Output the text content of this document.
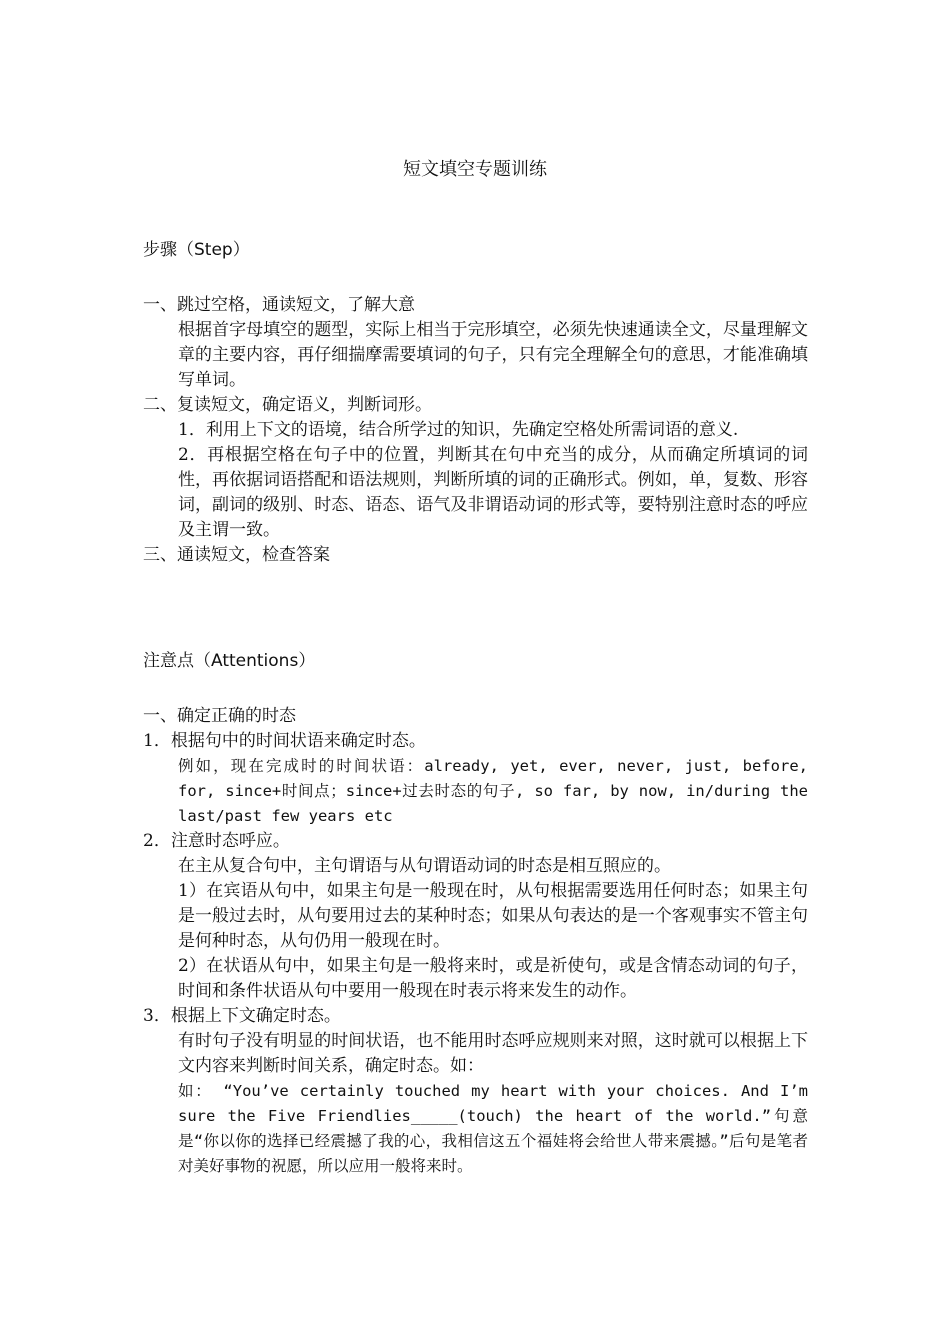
短文填空专题训练
步骤（Step）

一、跳过空格，通读短文，了解大意

根据首字母填空的题型，实际上相当于完形填空，必须先快速通读全文，尽量理解文章的主要内容，再仔细揣摩需要填词的句子，只有完全理解全句的意思，才能准确填写单词。

二、复读短文，确定语义，判断词形。

1．利用上下文的语境，结合所学过的知识，先确定空格处所需词语的意义.

2．再根据空格在句子中的位置，判断其在句中充当的成分，从而确定所填词的词性，再依据词语搭配和语法规则，判断所填的词的正确形式。例如，单，复数、形容词，副词的级别、时态、语态、语气及非谓语动词的形式等，要特别注意时态的呼应及主谓一致。

三、通读短文，检查答案

注意点（Attentions）

一、确定正确的时态

1．根据句中的时间状语来确定时态。

例如，现在完成时的时间状语：already, yet, ever, never, just, before, for, since+时间点；since+过去时态的句子, so far, by now, in/during the last/past few years etc

2．注意时态呼应。

在主从复合句中，主句谓语与从句谓语动词的时态是相互照应的。

1）在宾语从句中，如果主句是一般现在时，从句根据需要选用任何时态；如果主句是一般过去时，从句要用过去的某种时态；如果从句表达的是一个客观事实不管主句是何种时态，从句仍用一般现在时。

2）在状语从句中，如果主句是一般将来时，或是祈使句，或是含情态动词的句子，时间和条件状语从句中要用一般现在时表示将来发生的动作。

3．根据上下文确定时态。

有时句子没有明显的时间状语，也不能用时态呼应规则来对照，这时就可以根据上下文内容来判断时间关系，确定时态。如：

如： “You’ve certainly touched my heart with your choices. And I’m sure the Five Friendlies_____(touch) the heart of the world.”句意是“你以你的选择已经震撼了我的心，我相信这五个福娃将会给世人带来震撼。”后句是笔者对美好事物的祝愿，所以应用一般将来时。
